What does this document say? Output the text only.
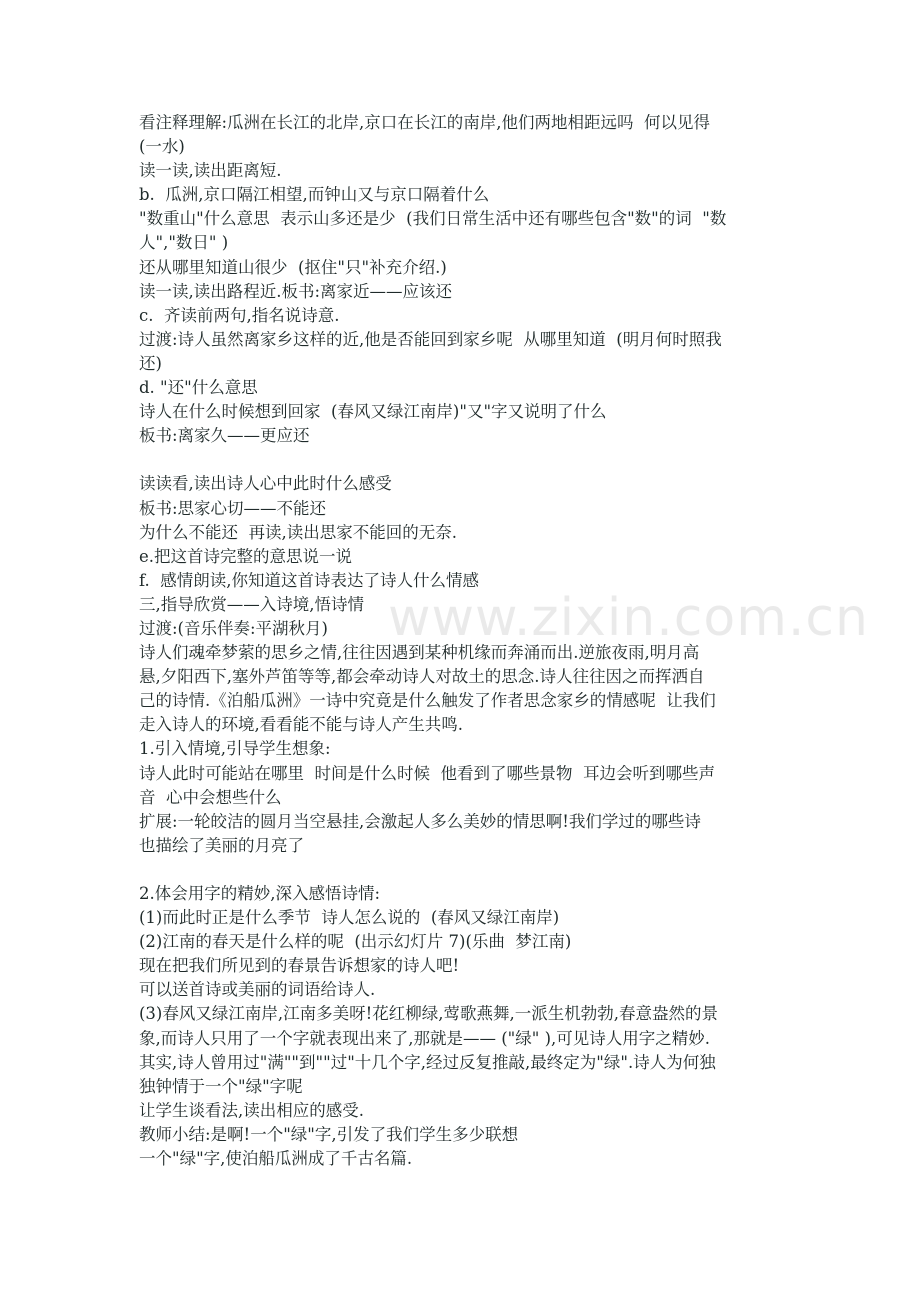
看注释理解:瓜洲在长江的北岸,京口在长江的南岸,他们两地相距远吗  何以见得
(一水)
读一读,读出距离短.
b.  瓜洲,京口隔江相望,而钟山又与京口隔着什么
"数重山"什么意思  表示山多还是少  (我们日常生活中还有哪些包含"数"的词  "数
人","数日" )
还从哪里知道山很少  (抠住"只"补充介绍.)
读一读,读出路程近.板书:离家近——应该还
c.  齐读前两句,指名说诗意.
过渡:诗人虽然离家乡这样的近,他是否能回到家乡呢  从哪里知道  (明月何时照我
还)
d. "还"什么意思
诗人在什么时候想到回家  (春风又绿江南岸)"又"字又说明了什么
板书:离家久——更应还
读读看,读出诗人心中此时什么感受
板书:思家心切——不能还
为什么不能还  再读,读出思家不能回的无奈.
e.把这首诗完整的意思说一说
f.  感情朗读,你知道这首诗表达了诗人什么情感
三,指导欣赏——入诗境,悟诗情
过渡:(音乐伴奏:平湖秋月)
诗人们魂牵梦萦的思乡之情,往往因遇到某种机缘而奔涌而出.逆旅夜雨,明月高
悬,夕阳西下,塞外芦笛等等,都会牵动诗人对故土的思念.诗人往往因之而挥洒自
己的诗情.《泊船瓜洲》一诗中究竟是什么触发了作者思念家乡的情感呢  让我们
走入诗人的环境,看看能不能与诗人产生共鸣.
1.引入情境,引导学生想象:
诗人此时可能站在哪里  时间是什么时候  他看到了哪些景物  耳边会听到哪些声
音  心中会想些什么
扩展:一轮皎洁的圆月当空悬挂,会激起人多么美妙的情思啊!我们学过的哪些诗
也描绘了美丽的月亮了
2.体会用字的精妙,深入感悟诗情:
(1)而此时正是什么季节  诗人怎么说的  (春风又绿江南岸)
(2)江南的春天是什么样的呢  (出示幻灯片 7)(乐曲  梦江南)
现在把我们所见到的春景告诉想家的诗人吧!
可以送首诗或美丽的词语给诗人.
(3)春风又绿江南岸,江南多美呀!花红柳绿,莺歌燕舞,一派生机勃勃,春意盎然的景
象,而诗人只用了一个字就表现出来了,那就是—— ("绿" ),可见诗人用字之精妙.
其实,诗人曾用过"满""到""过"十几个字,经过反复推敲,最终定为"绿".诗人为何独
独钟情于一个"绿"字呢
让学生谈看法,读出相应的感受.
教师小结:是啊!一个"绿"字,引发了我们学生多少联想
一个"绿"字,使泊船瓜洲成了千古名篇.
www.zixin.com.cn
